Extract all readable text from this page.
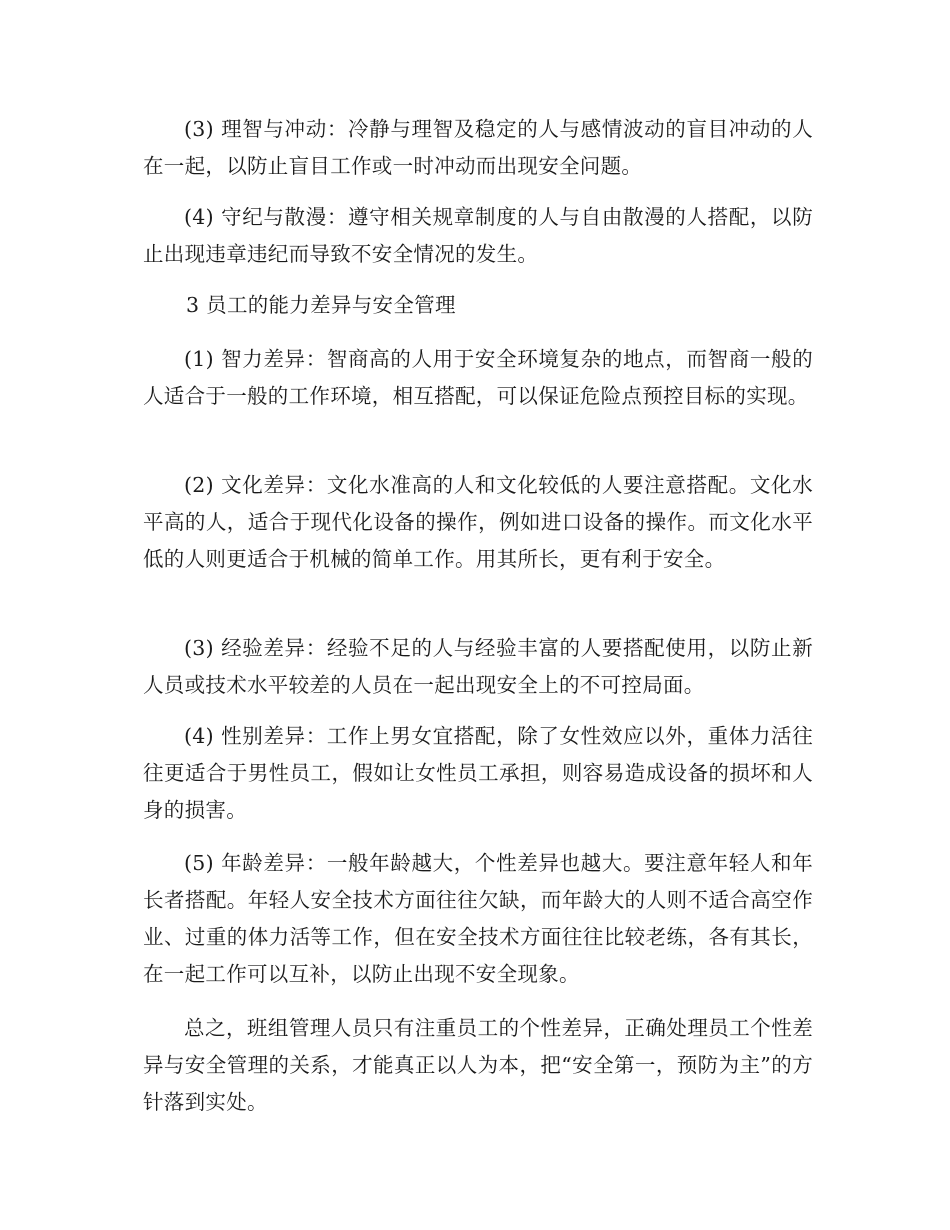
(3) 理智与冲动：冷静与理智及稳定的人与感情波动的盲目冲动的人在一起，以防止盲目工作或一时冲动而出现安全问题。

(4) 守纪与散漫：遵守相关规章制度的人与自由散漫的人搭配，以防止出现违章违纪而导致不安全情况的发生。

3 员工的能力差异与安全管理

(1) 智力差异：智商高的人用于安全环境复杂的地点，而智商一般的人适合于一般的工作环境，相互搭配，可以保证危险点预控目标的实现。

(2) 文化差异：文化水准高的人和文化较低的人要注意搭配。文化水平高的人，适合于现代化设备的操作，例如进口设备的操作。而文化水平低的人则更适合于机械的简单工作。用其所长，更有利于安全。

(3) 经验差异：经验不足的人与经验丰富的人要搭配使用，以防止新人员或技术水平较差的人员在一起出现安全上的不可控局面。

(4) 性别差异：工作上男女宜搭配，除了女性效应以外，重体力活往往更适合于男性员工，假如让女性员工承担，则容易造成设备的损坏和人身的损害。

(5) 年龄差异：一般年龄越大，个性差异也越大。要注意年轻人和年长者搭配。年轻人安全技术方面往往欠缺，而年龄大的人则不适合高空作业、过重的体力活等工作，但在安全技术方面往往比较老练，各有其长，在一起工作可以互补，以防止出现不安全现象。

总之，班组管理人员只有注重员工的个性差异，正确处理员工个性差异与安全管理的关系，才能真正以人为本，把“安全第一，预防为主”的方针落到实处。
